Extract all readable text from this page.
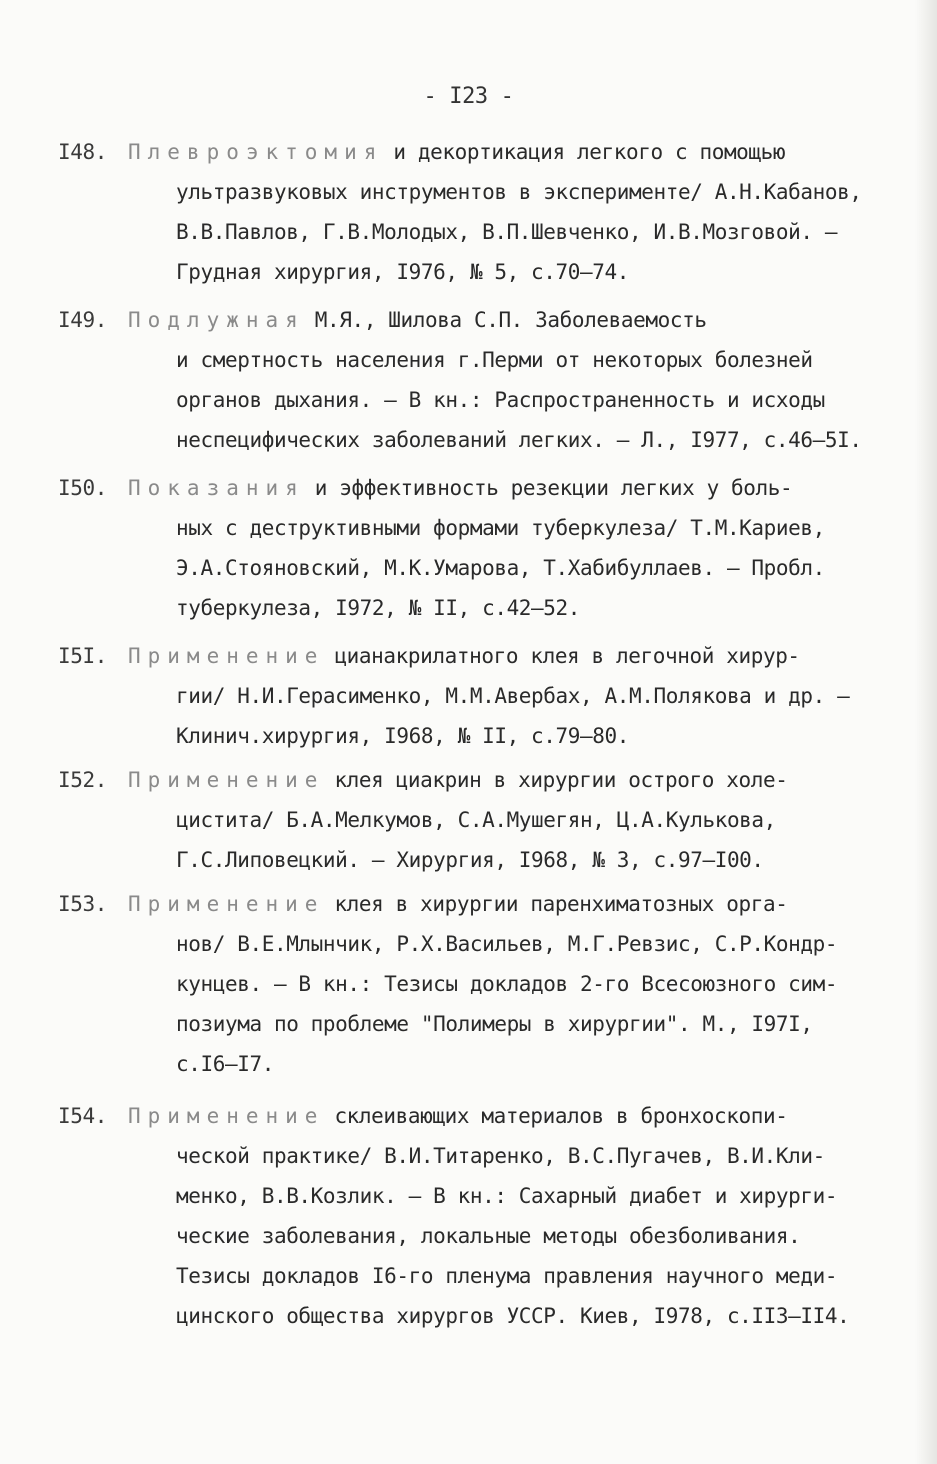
- I23 -
I48. Плевроэктомия и декортикация легкого с помощью
ультразвуковых инструментов в эксперименте/ А.Н.Кабанов,
В.В.Павлов, Г.В.Молодых, В.П.Шевченко, И.В.Мозговой. –
Грудная хирургия, I976, № 5, с.70–74.
I49. Подлужная М.Я., Шилова С.П. Заболеваемость
и смертность населения г.Перми от некоторых болезней
органов дыхания. – В кн.: Распространенность и исходы
неспецифических заболеваний легких. – Л., I977, с.46–5I.
I50. Показания и эффективность резекции легких у боль-
ных с деструктивными формами туберкулеза/ Т.М.Кариев,
Э.А.Стояновский, М.К.Умарова, Т.Хабибуллаев. – Пробл.
туберкулеза, I972, № II, с.42–52.
I5I. Применение цианакрилатного клея в легочной хирур-
гии/ Н.И.Герасименко, М.М.Авербах, А.М.Полякова и др. –
Клинич.хирургия, I968, № II, с.79–80.
I52. Применение клея циакрин в хирургии острого холе-
цистита/ Б.А.Мелкумов, С.А.Мушегян, Ц.А.Кулькова,
Г.С.Липовецкий. – Хирургия, I968, № 3, с.97–I00.
I53. Применение клея в хирургии паренхиматозных орга-
нов/ В.Е.Млынчик, Р.Х.Васильев, М.Г.Ревзис, С.Р.Кондр-
кунцев. – В кн.: Тезисы докладов 2-го Всесоюзного сим-
позиума по проблеме "Полимеры в хирургии". М., I97I,
с.I6–I7.
I54. Применение склеивающих материалов в бронхоскопи-
ческой практике/ В.И.Титаренко, В.С.Пугачев, В.И.Кли-
менко, В.В.Козлик. – В кн.: Сахарный диабет и хирурги-
ческие заболевания, локальные методы обезболивания.
Тезисы докладов I6-го пленума правления научного меди-
цинского общества хирургов УССР. Киев, I978, с.II3–II4.
